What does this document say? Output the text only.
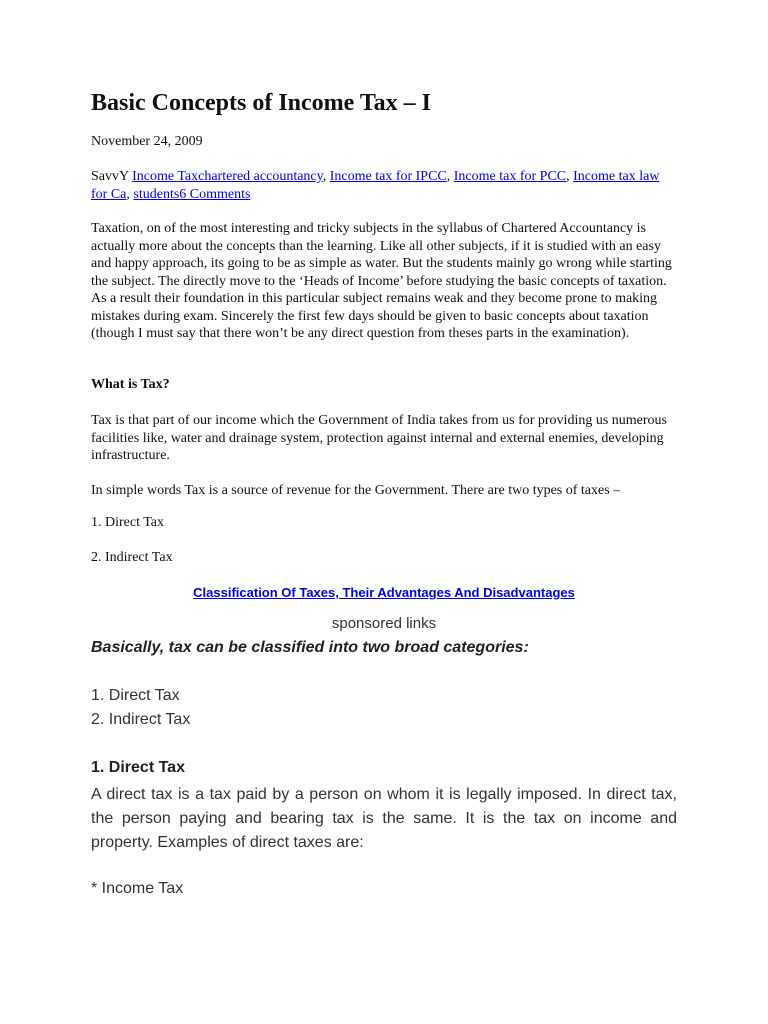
Basic Concepts of Income Tax – I
November 24, 2009
SavvY Income Taxchartered accountancy, Income tax for IPCC, Income tax for PCC, Income tax law for Ca, students6 Comments
Taxation, on of the most interesting and tricky subjects in the syllabus of Chartered Accountancy is actually more about the concepts than the learning. Like all other subjects, if it is studied with an easy and happy approach, its going to be as simple as water. But the students mainly go wrong while starting the subject. The directly move to the ‘Heads of Income’ before studying the basic concepts of taxation. As a result their foundation in this particular subject remains weak and they become prone to making mistakes during exam. Sincerely the first few days should be given to basic concepts about taxation (though I must say that there won’t be any direct question from theses parts in the examination).
What is Tax?
Tax is that part of our income which the Government of India takes from us for providing us numerous facilities like, water and drainage system, protection against internal and external enemies, developing infrastructure.
In simple words Tax is a source of revenue for the Government. There are two types of taxes –
1. Direct Tax
2. Indirect Tax
Classification Of Taxes, Their Advantages And Disadvantages
sponsored links
Basically, tax can be classified into two broad categories:
1. Direct Tax
2. Indirect Tax
1. Direct Tax
A direct tax is a tax paid by a person on whom it is legally imposed. In direct tax, the person paying and bearing tax is the same. It is the tax on income and property. Examples of direct taxes are:
* Income Tax
